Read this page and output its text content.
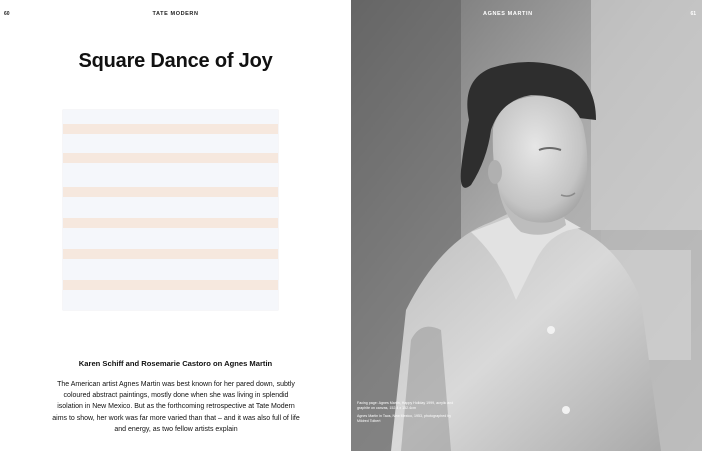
60	TATE MODERN
Square Dance of Joy

Karen Schiff and Rosemarie Castoro on Agnes Martin

The American artist Agnes Martin was best known for her pared down, subtly coloured abstract paintings, mostly done when she was living in splendid isolation in New Mexico. But as the forthcoming retrospective at Tate Modern aims to show, her work was far more varied than that – and it was also full of life and energy, as two fellow artists explain

AGNES MARTIN	61

Facing page: Agnes Martin, Happy Holiday 1999, acrylic and graphite on canvas, 152.4 x 152.4cm

Agnes Martin in Taos, New Mexico, 1953, photographed by Mildred Tolbert
